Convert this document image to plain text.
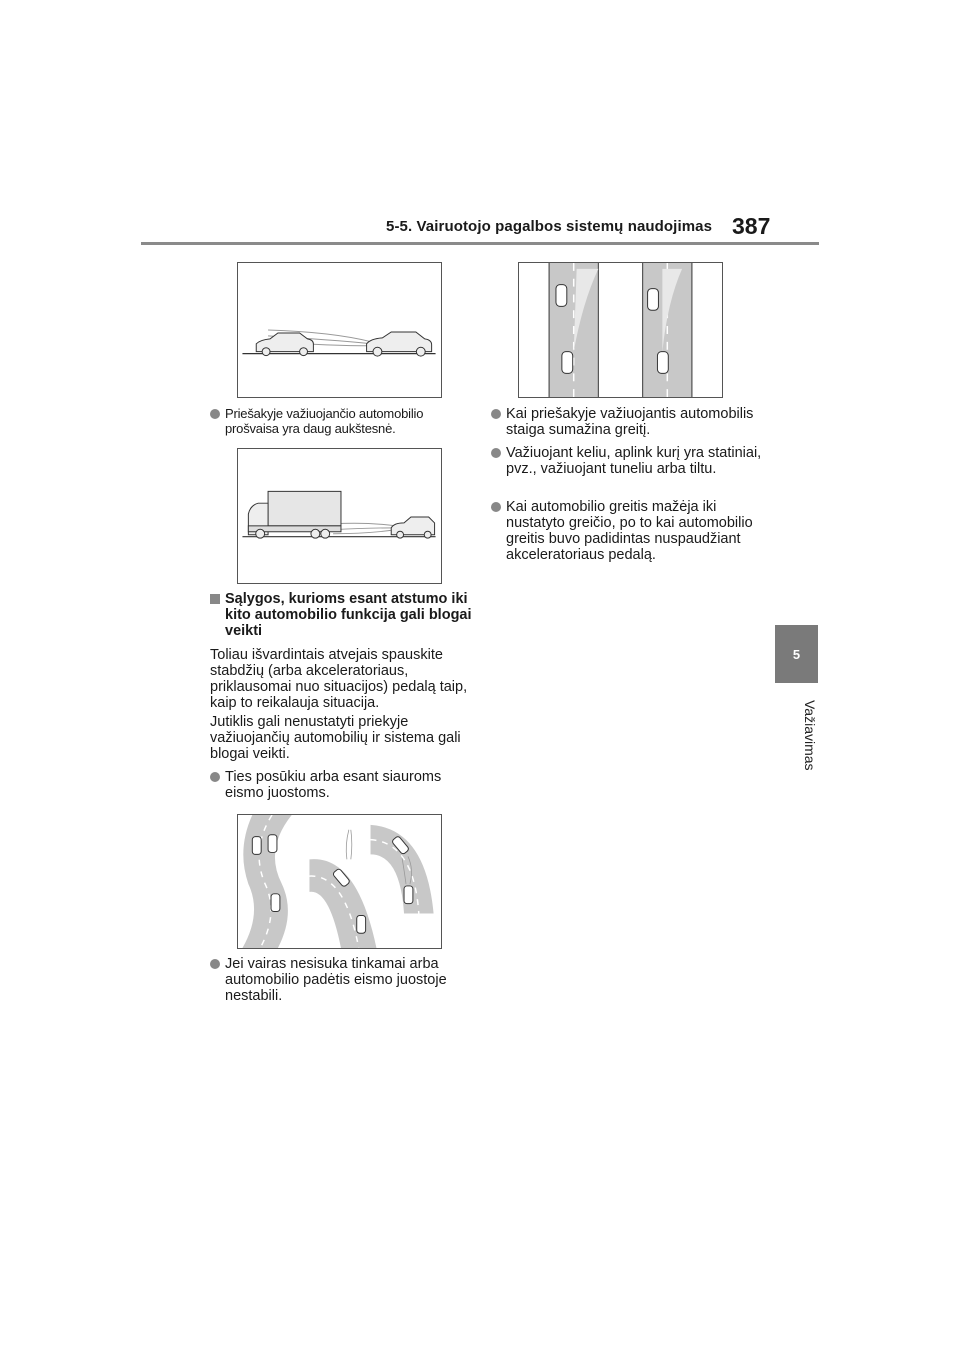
5-5. Vairuotojo pagalbos sistemų naudojimas 387
5
Važiavimas
Priešakyje važiuojančio automobilio prošvaisa yra daug aukštesnė.
Sąlygos, kurioms esant atstumo iki kito automobilio funkcija gali blogai veikti
Toliau išvardintais atvejais spauskite stabdžių (arba akceleratoriaus, priklausomai nuo situacijos) pedalą taip, kaip to reikalauja situacija.
Jutiklis gali nenustatyti priekyje važiuojančių automobilių ir sistema gali blogai veikti.
Ties posūkiu arba esant siauroms eismo juostoms.
Jei vairas nesisuka tinkamai arba automobilio padėtis eismo juostoje nestabili.
Kai priešakyje važiuojantis automobilis staiga sumažina greitį.
Važiuojant keliu, aplink kurį yra statiniai, pvz., važiuojant tuneliu arba tiltu.
Kai automobilio greitis mažėja iki nustatyto greičio, po to kai automobilio greitis buvo padidintas nuspaudžiant akceleratoriaus pedalą.
